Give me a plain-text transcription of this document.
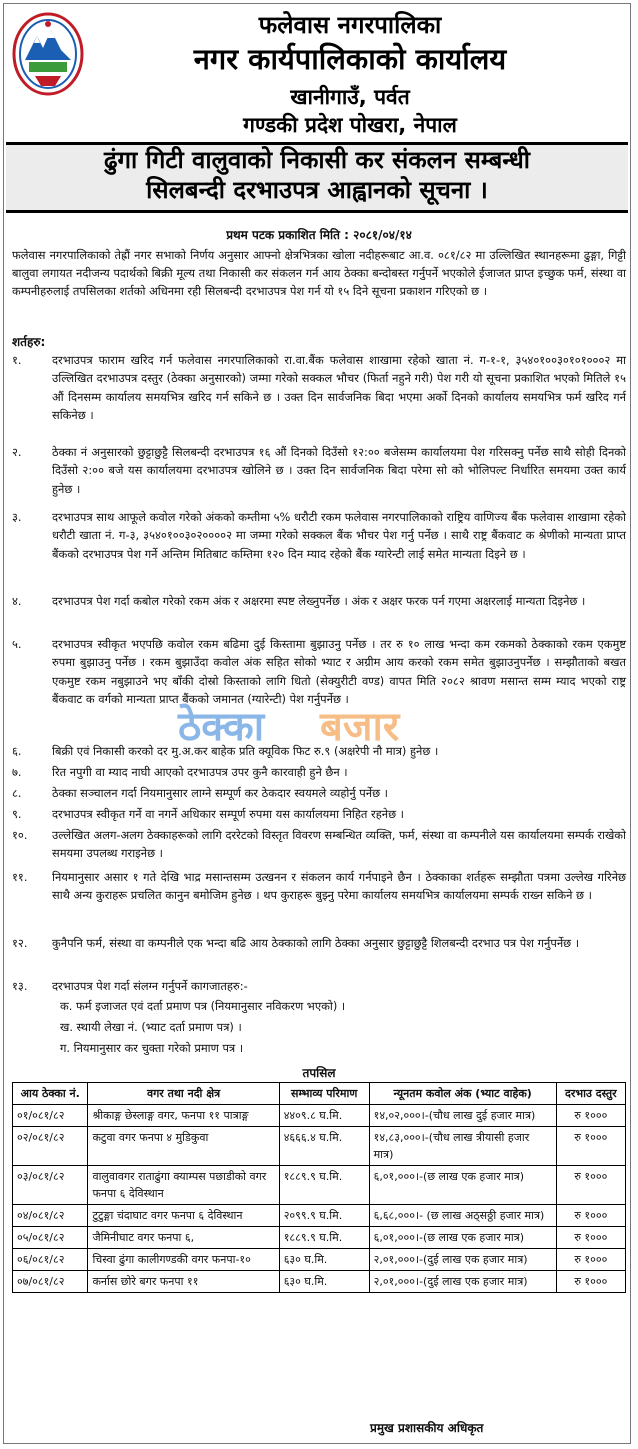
फलेवास नगरपालिका
नगर कार्यपालिकाको कार्यालय
खानीगाउँ, पर्वत
गण्डकी प्रदेश पोखरा, नेपाल
ढुंगा गिटी वालुवाको निकासी कर संकलन सम्बन्धी
सिलबन्दी दरभाउपत्र आह्वानको सूचना ।
प्रथम पटक प्रकाशित मिति : २०८१/०४/१४
फलेवास नगरपालिकाको तेह्रौं नगर सभाको निर्णय अनुसार आफ्नो क्षेत्रभित्रका खोला नदीहरूबाट आ.व. ०८१/८२ मा उल्लिखित स्थानहरूमा ढुङ्गा, गिट्टी बालुवा लगायत नदीजन्य पदार्थको बिक्री मूल्य तथा निकासी कर संकलन गर्न आय ठेक्का बन्दोबस्त गर्नुपर्ने भएकोले ईजाजत प्राप्त इच्छुक फर्म, संस्था वा कम्पनीहरुलाई तपसिलका शर्तको अधिनमा रही सिलबन्दी दरभाउपत्र पेश गर्न यो १५ दिने सूचना प्रकाशन गरिएको छ ।
शर्तहरु:
१.	दरभाउपत्र फाराम खरिद गर्न फलेवास नगरपालिकाको रा.वा.बैंक फलेवास शाखामा रहेको खाता नं. ग-१-१, ३५४०१००३०१०१०००२ मा उल्लिखित दरभाउपत्र दस्तुर (ठेक्का अनुसारको) जम्मा गरेको सक्कल भौचर (फिर्ता नहुने गरी) पेश गरी यो सूचना प्रकाशित भएको मितिले १५ औं दिनसम्म कार्यालय समयभित्र खरिद गर्न सकिने छ । उक्त दिन सार्वजनिक बिदा भएमा अर्को दिनको कार्यालय समयभित्र फर्म खरिद गर्न सकिनेछ ।
२.	ठेक्का नं अनुसारको छुट्टाछुट्टै सिलबन्दी दरभाउपत्र १६ औं दिनको दिउँसो १२:०० बजेसम्म कार्यालयमा पेश गरिसक्नु पर्नेछ साथै सोही दिनको दिउँसो २:०० बजे यस कार्यालयमा दरभाउपत्र खोलिने छ । उक्त दिन सार्वजनिक बिदा परेमा सो को भोलिपल्ट निर्धारित समयमा उक्त कार्य हुनेछ ।
३.	दरभाउपत्र साथ आफूले कवोल गरेको अंकको कम्तीमा ५% धरौटी रकम फलेवास नगरपालिकाको राष्ट्रिय वाणिज्य बैंक फलेवास शाखामा रहेको धरौटी खाता नं. ग-३, ३५४०१००३०२००००२ मा जम्मा गरेको सक्कल बैंक भौचर पेश गर्नु पर्नेछ । साथै राष्ट्र बैंकवाट क श्रेणीको मान्यता प्राप्त बैंकको दरभाउपत्र पेश गर्ने अन्तिम मितिबाट कम्तिमा १२० दिन म्याद रहेको बैंक ग्यारेन्टी लाई समेत मान्यता दिइने छ ।
४.	दरभाउपत्र पेश गर्दा कबोल गरेको रकम अंक र अक्षरमा स्पष्ट लेख्नुपर्नेछ । अंक र अक्षर फरक पर्न गएमा अक्षरलाई मान्यता दिइनेछ ।
५.	दरभाउपत्र स्वीकृत भएपछि कवोल रकम बढिमा दुई किस्तामा बुझाउनु पर्नेछ । तर रु १० लाख भन्दा कम रकमको ठेक्काको रकम एकमुष्ट रुपमा बुझाउनु पर्नेछ । रकम बुझाउँदा कवोल अंक सहित सोको भ्याट र अग्रीम आय करको रकम समेत बुझाउनुपर्नेछ । सम्झौताको बखत एकमुष्ट रकम नबुझाउने भए बाँकी दोस्रो किस्ताको लागि धितो (सेक्युरीटी वण्ड) वापत मिति २०८२ श्रावण मसान्त सम्म म्याद भएको राष्ट्र बैंकवाट क वर्गको मान्यता प्राप्त बैंकको जमानत (ग्यारेन्टी) पेश गर्नुपर्नेछ ।
६.	बिक्री एवं निकासी करको दर मु.अ.कर बाहेक प्रति क्यूविक फिट रु.९ (अक्षरेपी नौ मात्र) हुनेछ ।
७.	रित नपुगी वा म्याद नाघी आएको दरभाउपत्र उपर कुनै कारवाही हुने छैन ।
८.	ठेक्का सञ्चालन गर्दा नियमानुसार लाग्ने सम्पूर्ण कर ठेकदार स्वयमले व्यहोर्नु पर्नेछ ।
९.	दरभाउपत्र स्वीकृत गर्ने वा नगर्ने अधिकार सम्पूर्ण रुपमा यस कार्यालयमा निहित रहनेछ ।
१०.	उल्लेखित अलग-अलग ठेक्काहरूको लागि दररेटको विस्तृत विवरण सम्बन्धित व्यक्ति, फर्म, संस्था वा कम्पनीले यस कार्यालयमा सम्पर्क राखेको समयमा उपलब्ध गराइनेछ ।
११.	नियमानुसार असार १ गते देखि भाद्र मसान्तसम्म उत्खनन र संकलन कार्य गर्नपाइने छैन । ठेक्काका शर्तहरू सम्झौता पत्रमा उल्लेख गरिनेछ साथै अन्य कुराहरू प्रचलित कानुन बमोजिम हुनेछ । थप कुराहरू बुझ्नु परेमा कार्यालय समयभित्र कार्यालयमा सम्पर्क राख्न सकिने छ ।
१२.	कुनैपनि फर्म, संस्था वा कम्पनीले एक भन्दा बढि आय ठेक्काको लागि ठेक्का अनुसार छुट्टाछुट्टै शिलबन्दी दरभाउ पत्र पेश गर्नुपर्नेछ ।
१३.	दरभाउपत्र पेश गर्दा संलग्न गर्नुपर्ने कागजातहरु:-
क. फर्म इजाजत एवं दर्ता प्रमाण पत्र (नियमानुसार नविकरण भएको) ।
ख. स्थायी लेखा नं. (भ्याट दर्ता प्रमाण पत्र) ।
ग. नियमानुसार कर चुक्ता गरेको प्रमाण पत्र ।
तपसिल
आय ठेक्का नं.	वगर तथा नदी क्षेत्र	सम्भाव्य परिमाण	न्यूनतम कवोल अंक (भ्याट वाहेक)	दरभाउ दस्तुर
०१/०८१/८२	श्रीकाङ्ग छेस्लाङ्ग वगर, फनपा ११ पात्राङ्ग	४४०९.८ घ.मि.	१४,०२,०००।-(चौध लाख दुई हजार मात्र)	रु १०००
०२/०८१/८२	कटुवा वगर फनपा ४ मुडिकुवा	४६६६.४ घ.मि.	१४,८३,०००।-(चौध लाख त्रीयासी हजार मात्र)	रु १०००
०३/०८१/८२	वालुवावगर राताढुंगा क्याम्पस पछाडीको वगर फनपा ६ देविस्थान	१८८९.९ घ.मि.	६,०१,०००।-(छ लाख एक हजार मात्र)	रु १०००
०४/०८१/८२	टुटुङ्गा चंदाघाट वगर फनपा ६ देविस्थान	२०९९.९ घ.मि.	६,६८,०००।- (छ लाख अठ्सठ्ठी हजार मात्र)	रु १०००
०५/०८१/८२	जैमिनीघाट वगर फनपा ६,	१८८९.९ घ.मि.	६,०१,०००।-(छ लाख एक हजार मात्र)	रु १०००
०६/०८१/८२	चिस्वा ढुंगा कालीगण्डकी वगर फनपा-१०	६३० घ.मि.	२,०१,०००।-(दुई लाख एक हजार मात्र)	रु १०००
०७/०८१/८२	कर्नास छोरे बगर फनपा ११	६३० घ.मि.	२,०१,०००।-(दुई लाख एक हजार मात्र)	रु १०००
प्रमुख प्रशासकीय अधिकृत
ठेक्का बजार
